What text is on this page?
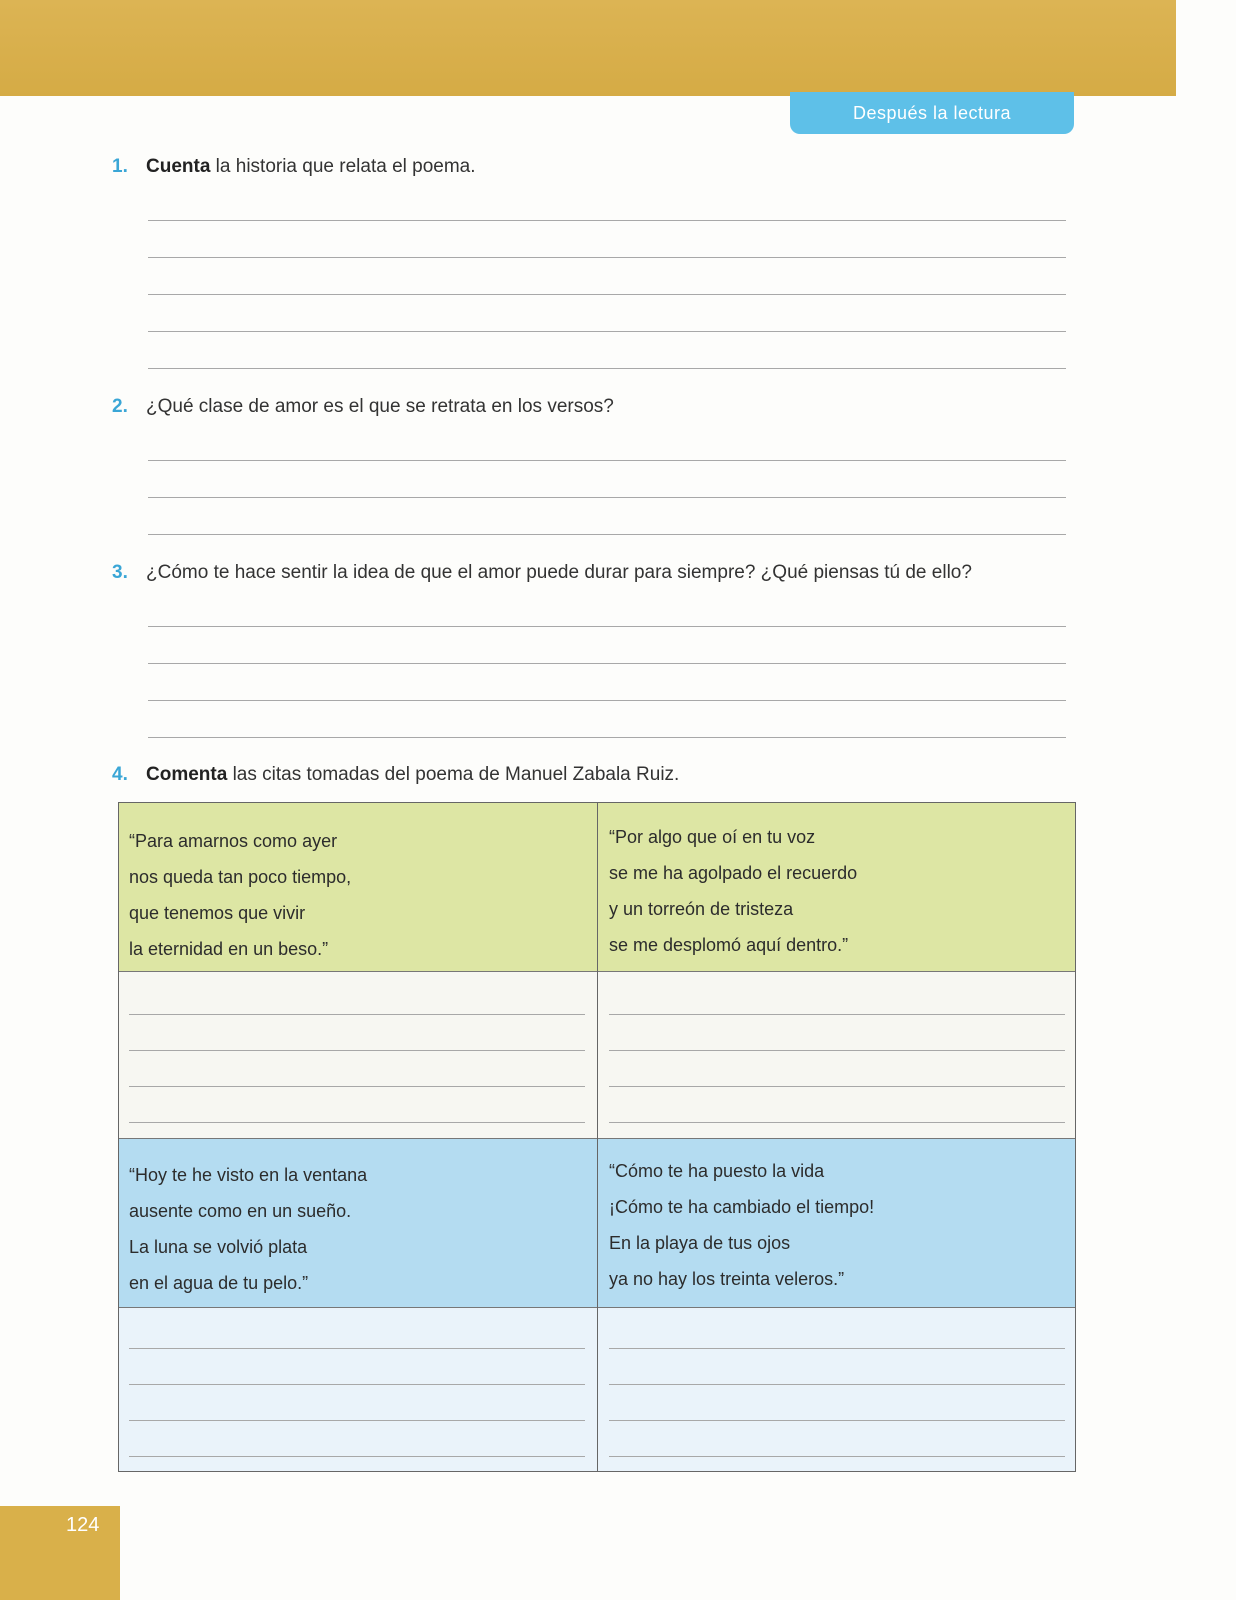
Después la lectura
1. Cuenta la historia que relata el poema.
2. ¿Qué clase de amor es el que se retrata en los versos?
3. ¿Cómo te hace sentir la idea de que el amor puede durar para siempre? ¿Qué piensas tú de ello?
4. Comenta las citas tomadas del poema de Manuel Zabala Ruiz.
“Para amarnos como ayer
nos queda tan poco tiempo,
que tenemos que vivir
la eternidad en un beso.”
“Por algo que oí en tu voz
se me ha agolpado el recuerdo
y un torreón de tristeza
se me desplomó aquí dentro.”
“Hoy te he visto en la ventana
ausente como en un sueño.
La luna se volvió plata
en el agua de tu pelo.”
“Cómo te ha puesto la vida
¡Cómo te ha cambiado el tiempo!
En la playa de tus ojos
ya no hay los treinta veleros.”
124
